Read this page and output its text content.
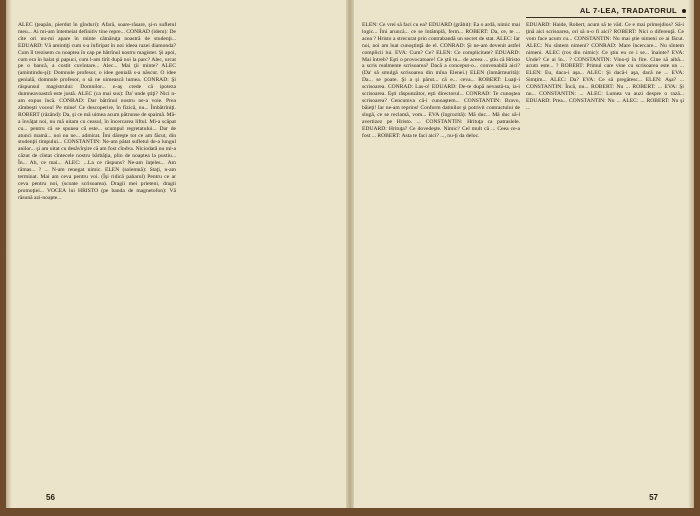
ALEC (ţeapăn, pierdut în gînduri): Afară, soare-răsare, şi-n sufletul meu... Ai mi-am întemeiat definitiv tine repre... CONRAD (idem): De cîte ori nu-mi apare în minte cămăruţa noastră de studenţi... EDUARD: Vă amintiţi cum s-a înfiripat în noi ideea razei diamonda? Cum îl trezisem cu noaptea în cap pe bătrînul nostru magister. Şi apoi, cum era în halat şi papuci, cum l-am tîrît după noi la parc? Alec, urcat pe o bancă, a costit cuvîntare... Alec... Mai ţii minte? ALEC (amintindu-şi): Domnule profesor, o idee genială s-a născut. O idee genială, domnule profesor, o să ne uimească lumea. CONRAD: Şi răspunsul magistrului: Domnilor... n-aş crede că ipoteza dumneavoastră este justă. ALEC (ca mai sus): Da' unde ştiţi? Nici n-am expus încă. CONRAD: Dar bătrînul nostru ne-a voie. Prea zîmbeşti vocea! Pe mine! Ce descoperire, în fizică, nu... Îmbătrîniţi. ROBERT (râzând): Da, şi ce mă uimea acum pătrunse de spaimă. Mă-a învăţat noi, nu mă uitam cu ceasul, în încercarea liftul. Mi-a scăpat cu... pentru că se spunea că este... scumpul regretatului... Dar de atunci mamă... noi nu ne... admirat. Îmi dăreşte tot ce am făcut, din studenţii timpului... CONSTANTIN: Ne-am pătat sufletul de-a lungul anilor... şi am uitat cu desăvîrşire că am fost cîndva. Niciodată nu mi-a căzut de cîntat cîntecele nostru bărbăţia, plin de noaptea la pustiu... În... Ah, ce mai... ALEC: ...La ce răspuns? Ne-am înţeles... Am rămas... ? ... N-am renegat nimic. ELEN (solemnă): Staţi, n-am terminat. Mai am ceva pentru voi. (Îşi ridică paharul) Pentru ce ar ceva pentru noi, (scoate scrisoarea). Dragii mei prieteni, dragii promoţiei... VOCEA lui HRISTO (pe banda de magnetofon): Vă răsună azi-noapte...

56
AL 7-LEA, TRADATORUL

ELEN: Ce vrei să faci cu ea? EDUARD (grăbit): Ea o ardă, nimic mai logic... Îmi aruncă... ce se întâmplă, ferm... ROBERT: Da, ce, te ... acea ? Hristo a strecurat prin contrabandă un secret de stat. ALEC: Iar noi, noi am luat cunoştinţă de el. CONRAD: Şi ne-am devenit astfel complicii lui. EVA: Cum? Ce? ELEN: Ce complicitate? EDUARD: Mai întreb? Eşti o provocatoare! Ce ştii tu... de aceea ... ştiu că Hristo a scris realmente scrisoarea? Dacă a conceput-o... convenabilă aici? (Da' să smulgă scrisoarea din mîna Elenei.) ELEN (înmărmurită): Da... se poate. Şi a şi părut... că e... ceva... ROBERT: Luaţi-i scrisoarea. CONRAD: Las-o! EDUARD: De-te după nevastă-ta, ia-i scrisoarea. Eşti răspunzător, eşti directorul... CONRAD: Te cunoştea scrisoarea? Cencumva că-i cunoaştem... CONSTANTIN: Bravo, băieţi! Iar ne-am reprins! Conform datinilor şi potrivit contractului de slugă, ce se reclamă, vom... EVA (îngrozită): Mă duc... Mă duc să-l avertizez pe Hristo. ... CONSTANTIN: Hrituţa ca patraslele. EDUARD: Hrituţa? Ce dovedeşte. Nimic? Cel mult că ... Ceea ce-a fost ... ROBERT: Asta te faci aici? ..., nu-ţi da deloc.

EDUARD: Haide, Robert, acum să te văd. Ce e mai primejdios? Să-i ţină aici scrisoarea, ori să n-o fi aici? ROBERT: Nici o diferenţă. Ce vom face acum cu... CONSTANTIN: Nu mai ştie nimeni ce ai făcut. ALEC: Nu sîntem nimeni? CONRAD: Mare încercare... Nu sîntem nimeni. ALEC (ros din nimic): Ce ştiu eu ce i se... înainte? EVA: Unde? Ce ai în... ? CONSTANTIN: Vino-ţi în fire. Cine să aibă... acum este... ? ROBERT: Primul care vine cu scrisoarea este un ... ELEN: Eu, daca-i aşa... ALEC: Şi dacă-i aşa, dacă ne ... EVA: Simţim... ALEC: Da? EVA: Ce să pregătesc... ELEN: Aşa? ... CONSTANTIN: Încă, nu... ROBERT: Nu ... ROBERT: ... EVA: Şi nu... CONSTANTIN: ... ALEC: Lumea va auzi despre o rază... EDUARD: Prea... CONSTANTIN: Nu ... ALEC: ... ROBERT: Nu şi ...

57
